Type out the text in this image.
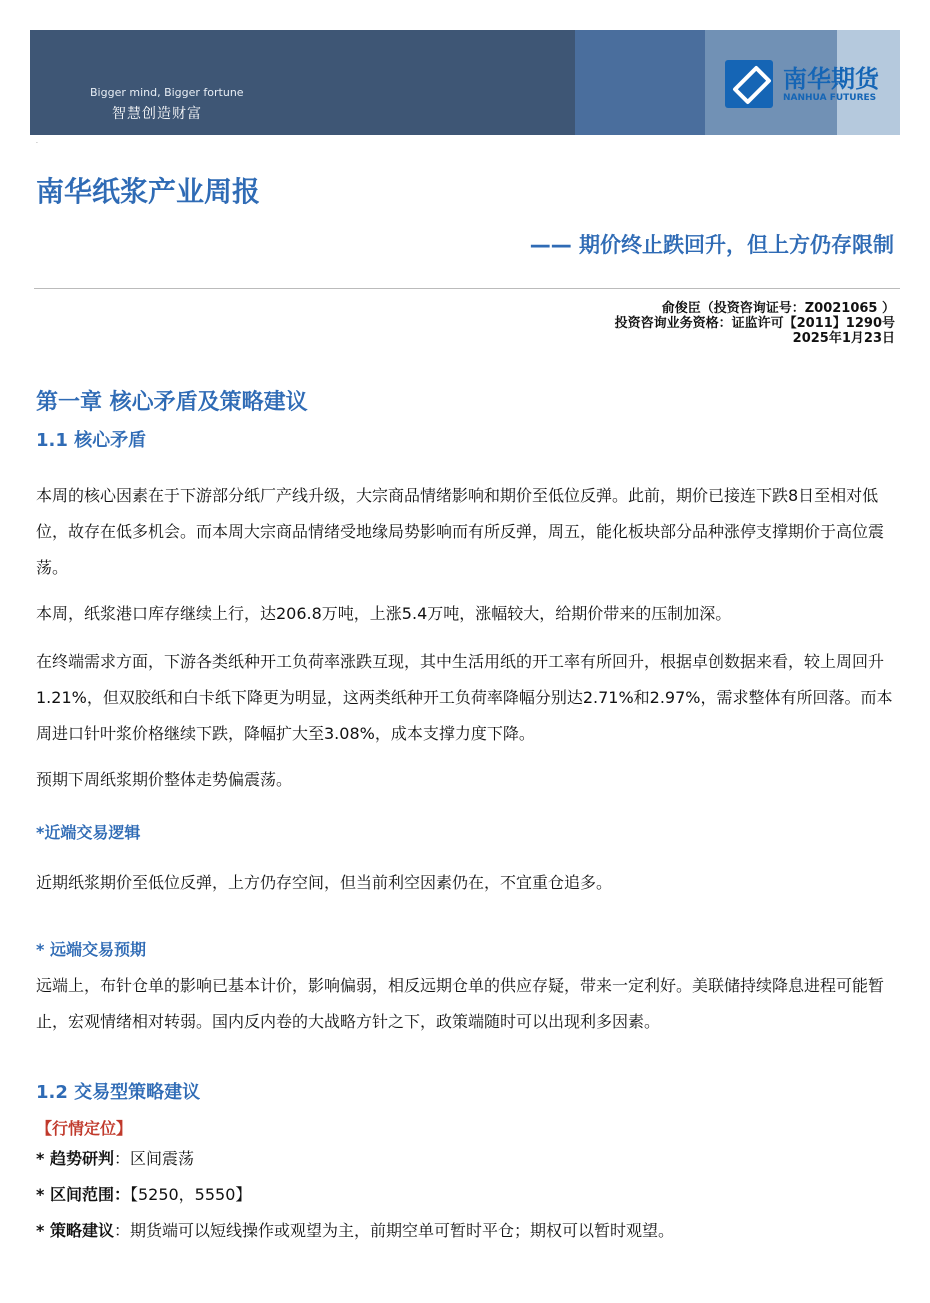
Bigger mind, Bigger fortune
智慧创造财富
南华期货
NANHUA FUTURES
·
南华纸浆产业周报
—— 期价终止跌回升，但上方仍存限制
俞俊臣（投资咨询证号：Z0021065 ）
投资咨询业务资格：证监许可【2011】1290号
2025年1月23日
第一章 核心矛盾及策略建议
1.1 核心矛盾

本周的核心因素在于下游部分纸厂产线升级，大宗商品情绪影响和期价至低位反弹。此前，期价已接连下跌8日至相对低位，故存在低多机会。而本周大宗商品情绪受地缘局势影响而有所反弹，周五，能化板块部分品种涨停支撑期价于高位震荡。

本周，纸浆港口库存继续上行，达206.8万吨，上涨5.4万吨，涨幅较大，给期价带来的压制加深。

在终端需求方面，下游各类纸种开工负荷率涨跌互现，其中生活用纸的开工率有所回升，根据卓创数据来看，较上周回升1.21%，但双胶纸和白卡纸下降更为明显，这两类纸种开工负荷率降幅分别达2.71%和2.97%，需求整体有所回落。而本周进口针叶浆价格继续下跌，降幅扩大至3.08%，成本支撑力度下降。

预期下周纸浆期价整体走势偏震荡。

*近端交易逻辑

近期纸浆期价至低位反弹，上方仍存空间，但当前利空因素仍在，不宜重仓追多。

* 远端交易预期

远端上，布针仓单的影响已基本计价，影响偏弱，相反远期仓单的供应存疑，带来一定利好。美联储持续降息进程可能暂止，宏观情绪相对转弱。国内反内卷的大战略方针之下，政策端随时可以出现利多因素。

1.2 交易型策略建议
【行情定位】

* 趋势研判：区间震荡

* 区间范围：【5250，5550】

* 策略建议：期货端可以短线操作或观望为主，前期空单可暂时平仓；期权可以暂时观望。
